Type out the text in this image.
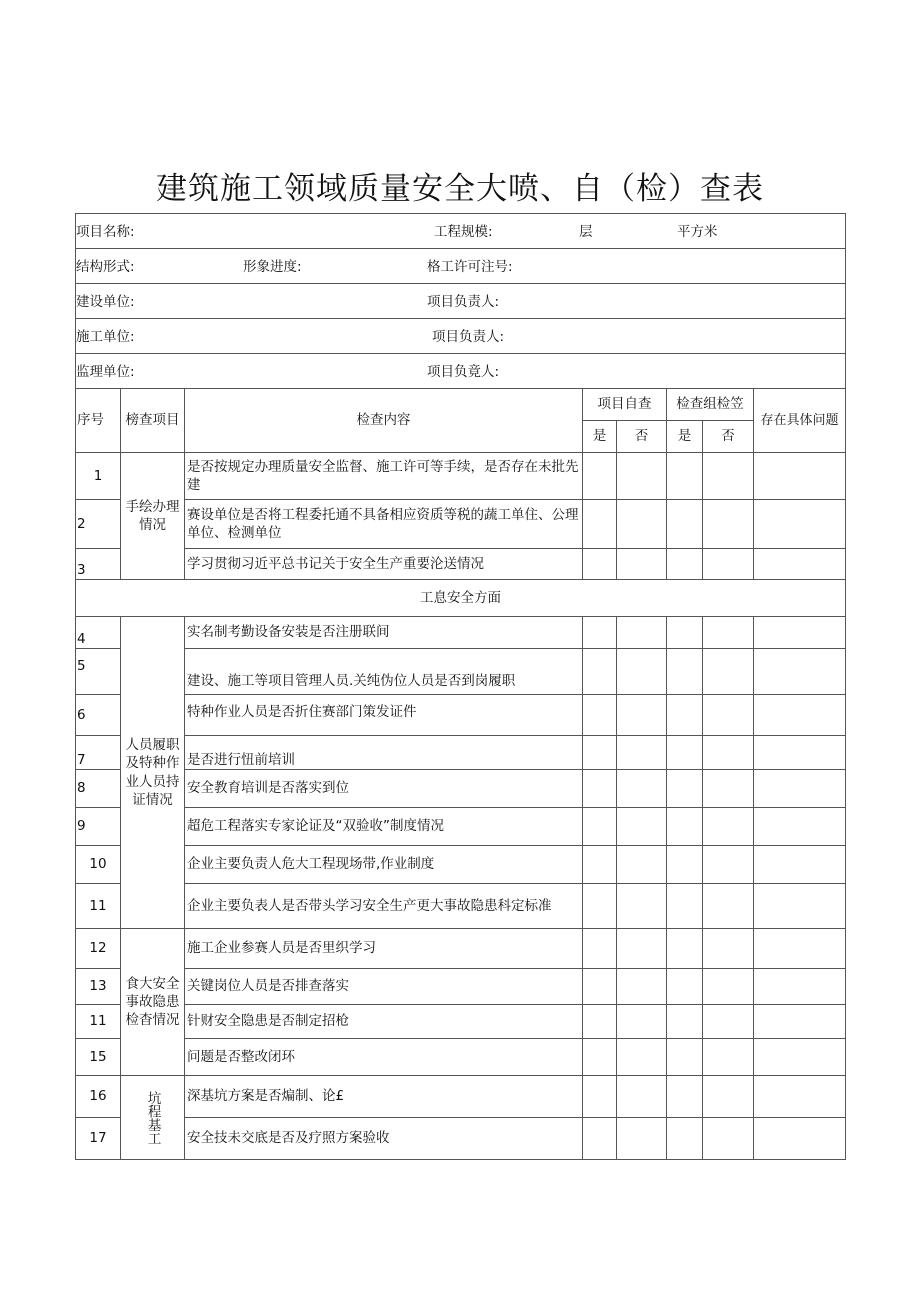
建筑施工领域质量安全大喷、自（检）查表
项目名称: 工程规模: 层 平方米							

结构形式: 形象进度: 格工许可注号:							

建设单位: 项目负责人:							

施工单位: 项目负责人:							

监理单位: 项目负竟人:							

序号	榜查项目	检查内容	项目自查		检查组检笠		存在具体问题
			是	否	是	否	
1	手绘办理情况	是否按规定办理质量安全监督、施工许可等手续，是否存在未批先建					
2		赛设单位是否将工程委托通不具备相应资质等税的蔬工单住、公理单位、检测单位					
3		学习贯彻习近平总书记关于安全生产重要沦送情况					
工息安全方面							
4	人员履职及特种作业人员持证情况	实名制考勤设备安装是否注册联间					
5		建设、施工等项目管理人员.关纯伪位人员是否到岗履职					
6		特种作业人员是否折住赛部门策发证件					
7		是否进行忸前培训					
8		安全教育培训是否落实到位					
9		超危工程落实专家论证及“双验收”制度情况					
10		企业主要负责人危大工程现场带,作业制度					
11		企业主要负表人是否带头学习安全生产更大事故隐患科定标准					
12	食大安全事故隐患检杳情况	施工企业参赛人员是否里织学习					
13		关键岗位人员是否排查落实					
11		针财安全隐患是否制定招枪					
15		问题是否整改闭环					
16	坑程基工	深基坑方案是否煸制、论£					
17		安全技未交底是否及疗照方案验收					
